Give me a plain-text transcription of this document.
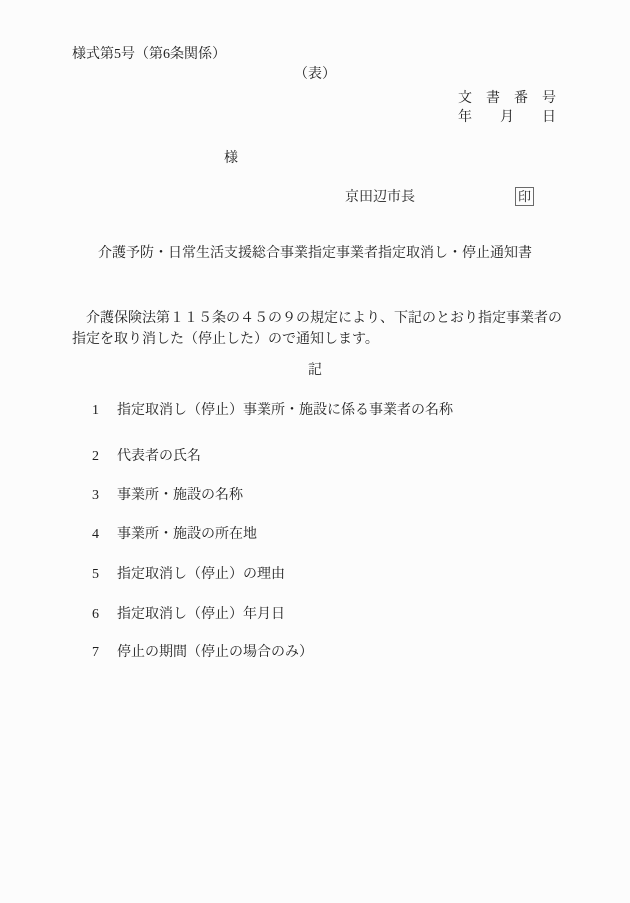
様式第5号（第6条関係）
（表）
文　書　番　号
年　　月　　日
様
京田辺市長	印
介護予防・日常生活支援総合事業指定事業者指定取消し・停止通知書
　介護保険法第１１５条の４５の９の規定により、下記のとおり指定事業者の
指定を取り消した（停止した）ので通知します。
記

1 指定取消し（停止）事業所・施設に係る事業者の名称

2 代表者の氏名

3 事業所・施設の名称

4 事業所・施設の所在地

5 指定取消し（停止）の理由

6 指定取消し（停止）年月日

7 停止の期間（停止の場合のみ）
